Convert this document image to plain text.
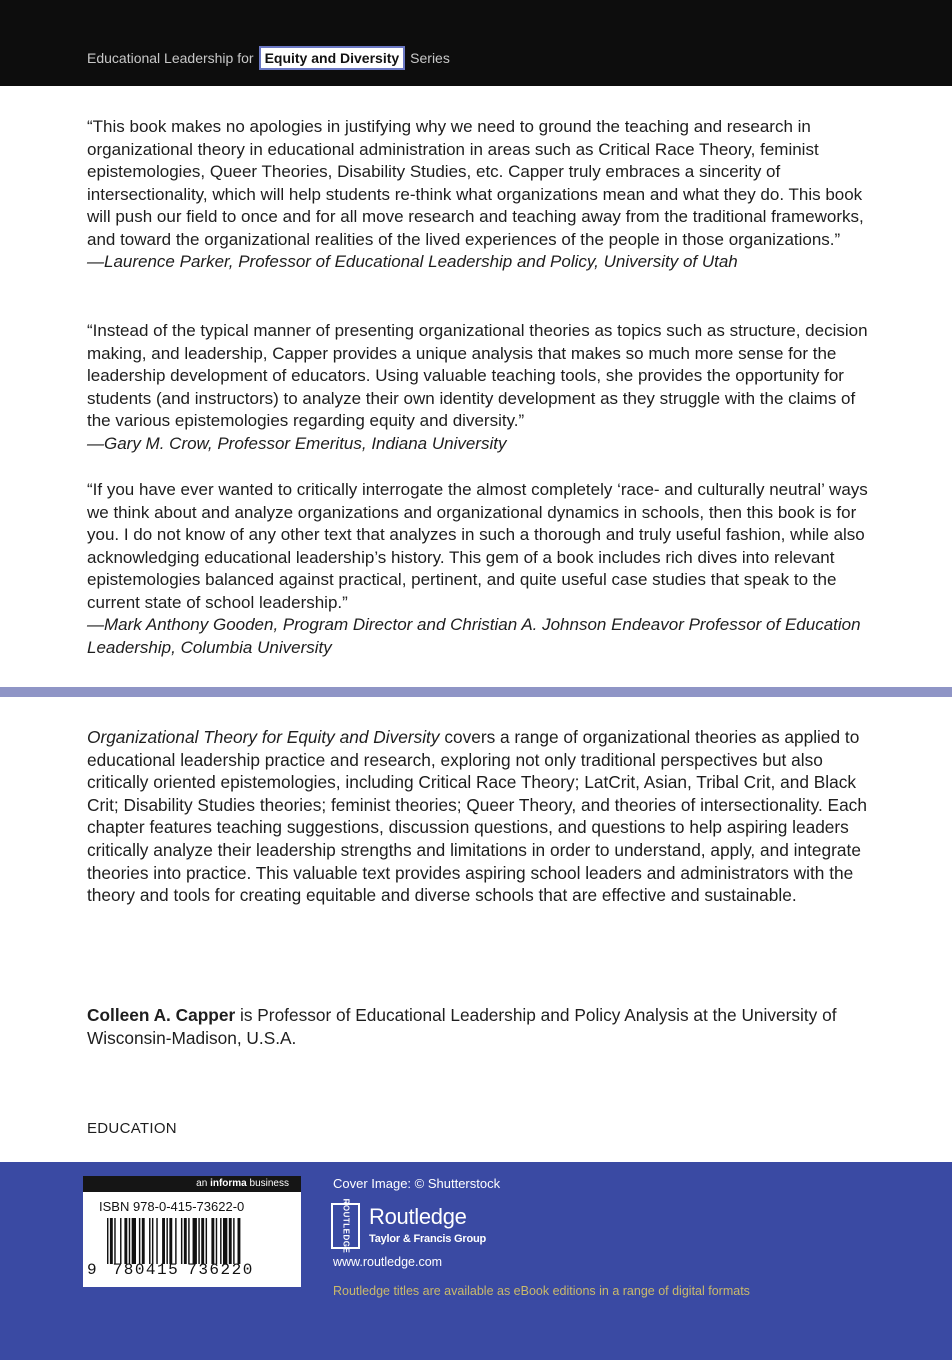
Educational Leadership for Equity and Diversity Series

“This book makes no apologies in justifying why we need to ground the teaching and research in organizational theory in educational administration in areas such as Critical Race Theory, feminist epistemologies, Queer Theories, Disability Studies, etc. Capper truly embraces a sincerity of intersectionality, which will help students re-think what organizations mean and what they do. This book will push our field to once and for all move research and teaching away from the traditional frameworks, and toward the organizational realities of the lived experiences of the people in those organizations.”
—Laurence Parker, Professor of Educational Leadership and Policy, University of Utah

“Instead of the typical manner of presenting organizational theories as topics such as structure, decision making, and leadership, Capper provides a unique analysis that makes so much more sense for the leadership development of educators. Using valuable teaching tools, she provides the opportunity for students (and instructors) to analyze their own identity development as they struggle with the claims of the various epistemologies regarding equity and diversity.”
—Gary M. Crow, Professor Emeritus, Indiana University

“If you have ever wanted to critically interrogate the almost completely ‘race- and culturally neutral’ ways we think about and analyze organizations and organizational dynamics in schools, then this book is for you. I do not know of any other text that analyzes in such a thorough and truly useful fashion, while also acknowledging educational leadership’s history. This gem of a book includes rich dives into relevant epistemologies balanced against practical, pertinent, and quite useful case studies that speak to the current state of school leadership.”
—Mark Anthony Gooden, Program Director and Christian A. Johnson Endeavor Professor of Education Leadership, Columbia University

Organizational Theory for Equity and Diversity covers a range of organizational theories as applied to educational leadership practice and research, exploring not only traditional perspectives but also critically oriented epistemologies, including Critical Race Theory; LatCrit, Asian, Tribal Crit, and Black Crit; Disability Studies theories; feminist theories; Queer Theory, and theories of intersectionality. Each chapter features teaching suggestions, discussion questions, and questions to help aspiring leaders critically analyze their leadership strengths and limitations in order to understand, apply, and integrate theories into practice. This valuable text provides aspiring school leaders and administrators with the theory and tools for creating equitable and diverse schools that are effective and sustainable.

Colleen A. Capper is Professor of Educational Leadership and Policy Analysis at the University of Wisconsin-Madison, U.S.A.

EDUCATION
an informa business
ISBN 978-0-415-73622-0
9 780415 736220
Cover Image: © Shutterstock
ROUTLEDGE Routledge
Taylor & Francis Group
www.routledge.com
Routledge titles are available as eBook editions in a range of digital formats
